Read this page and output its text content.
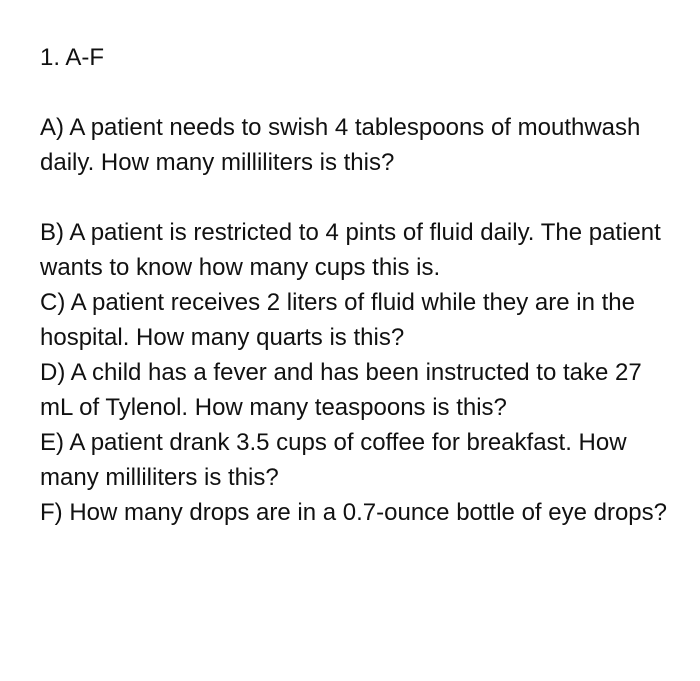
1. A-F

A) A patient needs to swish 4 tablespoons of mouthwash daily. How many milliliters is this?

B) A patient is restricted to 4 pints of fluid daily. The patient wants to know how many cups this is.

C) A patient receives 2 liters of fluid while they are in the hospital. How many quarts is this?

D) A child has a fever and has been instructed to take 27 mL of Tylenol. How many teaspoons is this?

E) A patient drank 3.5 cups of coffee for breakfast. How many milliliters is this?

F) How many drops are in a 0.7-ounce bottle of eye drops?
